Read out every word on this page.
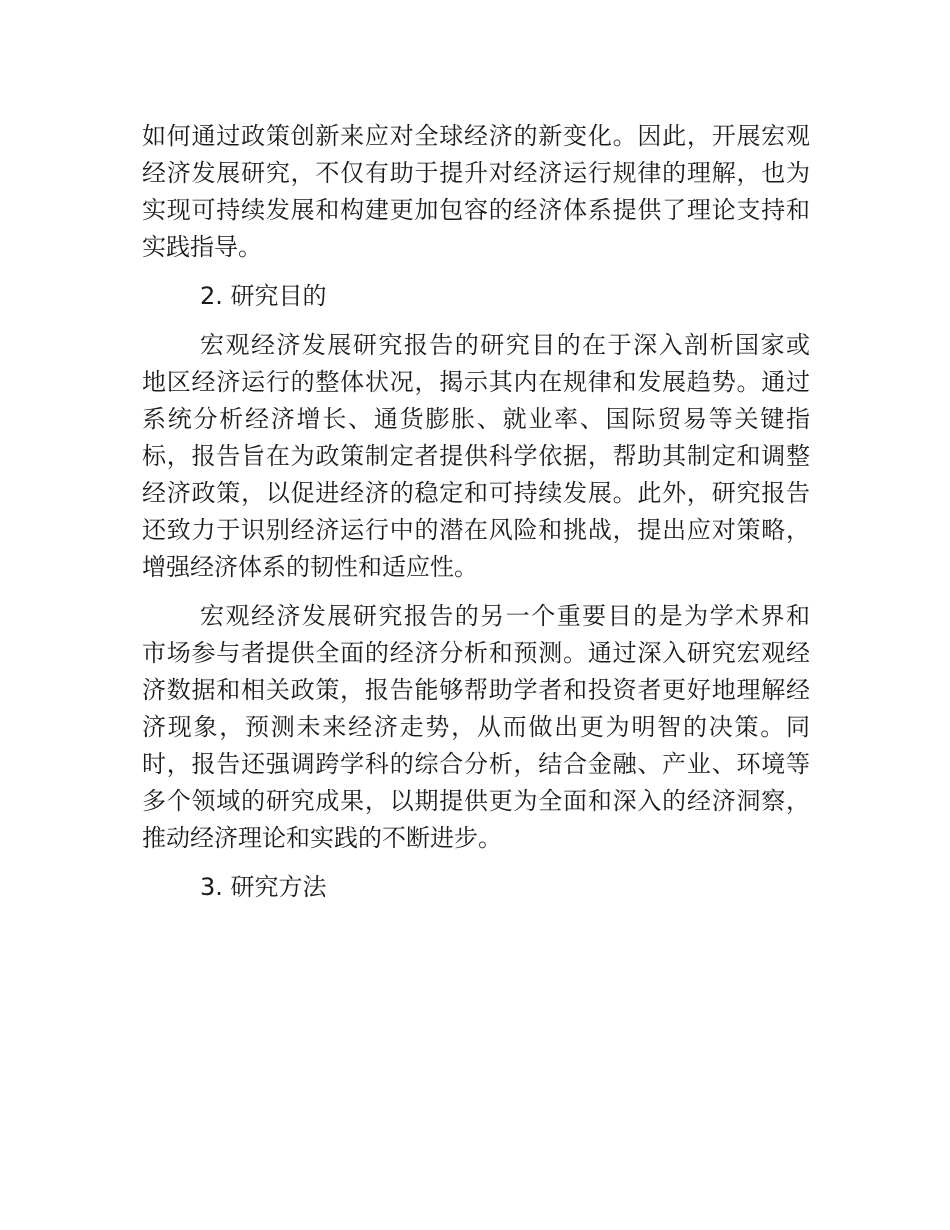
如何通过政策创新来应对全球经济的新变化。因此，开展宏观
经济发展研究，不仅有助于提升对经济运行规律的理解，也为
实现可持续发展和构建更加包容的经济体系提供了理论支持和
实践指导。
2. 研究目的
宏观经济发展研究报告的研究目的在于深入剖析国家或
地区经济运行的整体状况，揭示其内在规律和发展趋势。通过
系统分析经济增长、通货膨胀、就业率、国际贸易等关键指
标，报告旨在为政策制定者提供科学依据，帮助其制定和调整
经济政策，以促进经济的稳定和可持续发展。此外，研究报告
还致力于识别经济运行中的潜在风险和挑战，提出应对策略，
增强经济体系的韧性和适应性。
宏观经济发展研究报告的另一个重要目的是为学术界和
市场参与者提供全面的经济分析和预测。通过深入研究宏观经
济数据和相关政策，报告能够帮助学者和投资者更好地理解经
济现象，预测未来经济走势，从而做出更为明智的决策。同
时，报告还强调跨学科的综合分析，结合金融、产业、环境等
多个领域的研究成果，以期提供更为全面和深入的经济洞察，
推动经济理论和实践的不断进步。
3. 研究方法
